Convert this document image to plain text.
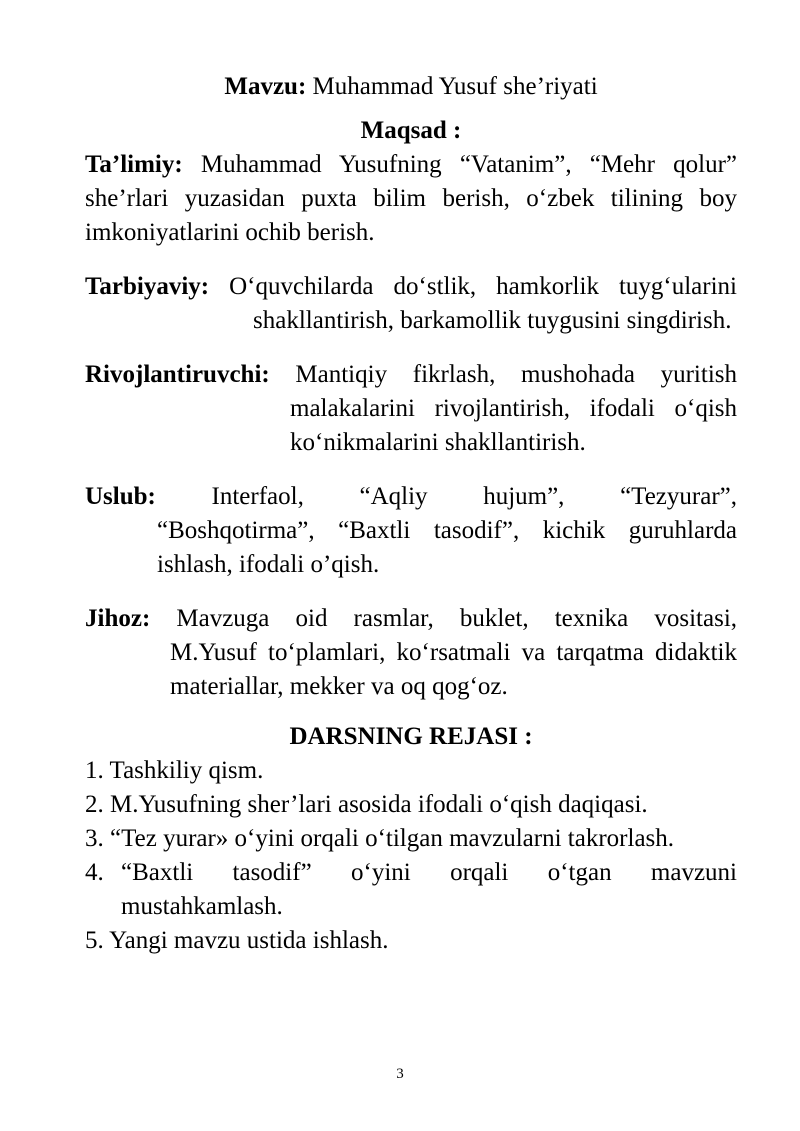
Mavzu: Muhammad Yusuf she’riyati

Maqsad :

Ta’limiy: Muhammad Yusufning “Vatanim”, “Mehr qolur” she’rlari yuzasidan puxta bilim berish, oʻzbek tilining boy imkoniyatlarini ochib berish.

Tarbiyaviy: Oʻquvchilarda doʻstlik, hamkorlik tuygʻularini

shakllantirish, barkamollik tuygusini singdirish.

Rivojlantiruvchi: Mantiqiy fikrlash, mushohada yuritish

malakalarini rivojlantirish, ifodali oʻqish koʻnikmalarini shakllantirish.

Uslub: Interfaol, “Aqliy hujum”, “Tezyurar”,

“Boshqotirma”, “Baxtli tasodif”, kichik guruhlarda ishlash, ifodali o’qish.

Jihoz: Mavzuga oid rasmlar, buklet, texnika vositasi,

M.Yusuf toʻplamlari, koʻrsatmali va tarqatma didaktik materiallar, mekker va oq qogʻoz.

DARSNING REJASI :

1. Tashkiliy qism.
2. M.Yusufning sher’lari asosida ifodali oʻqish daqiqasi.
3. “Tez yurar» oʻyini orqali oʻtilgan mavzularni takrorlash.
4. “Baxtli tasodif” oʻyini orqali oʻtgan mavzuni mustahkamlash.
5. Yangi mavzu ustida ishlash.
3
